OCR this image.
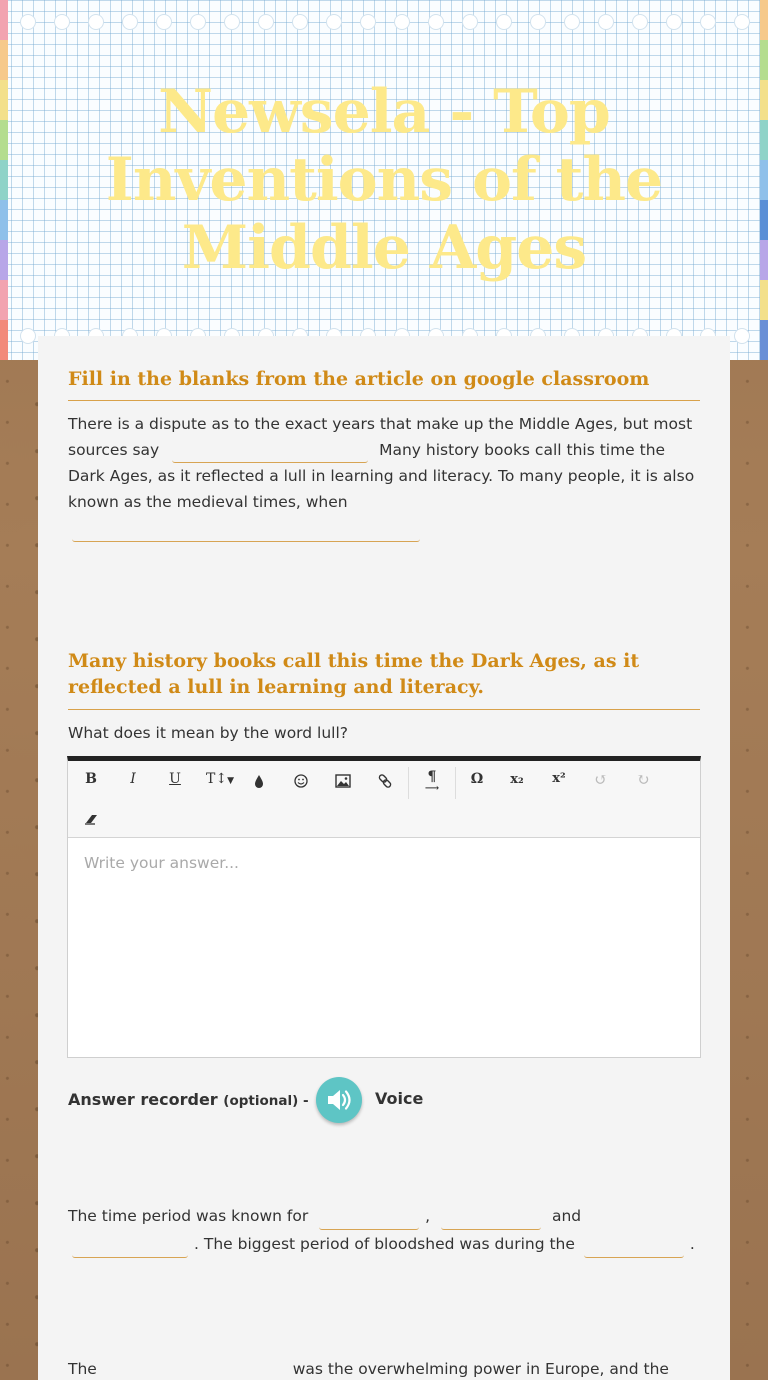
Newsela - Top Inventions of the Middle Ages
Fill in the blanks from the article on google classroom

There is a dispute as to the exact years that make up the Middle Ages, but most sources say	Many history books call this time the Dark Ages, as it reflected a lull in learning and literacy. To many people, it is also known as the medieval times, when

Many history books call this time the Dark Ages, as it reflected a lull in learning and literacy.

What does it mean by the word lull?

B	I	U	T↕▼	¶
⟶
Ω	x₂	x²	↺	↻
Write your answer...
Answer recorder (optional) -	Voice

The time period was known for	,	and . The biggest period of bloodshed was during the	.

The	was the overwhelming power in Europe, and the
